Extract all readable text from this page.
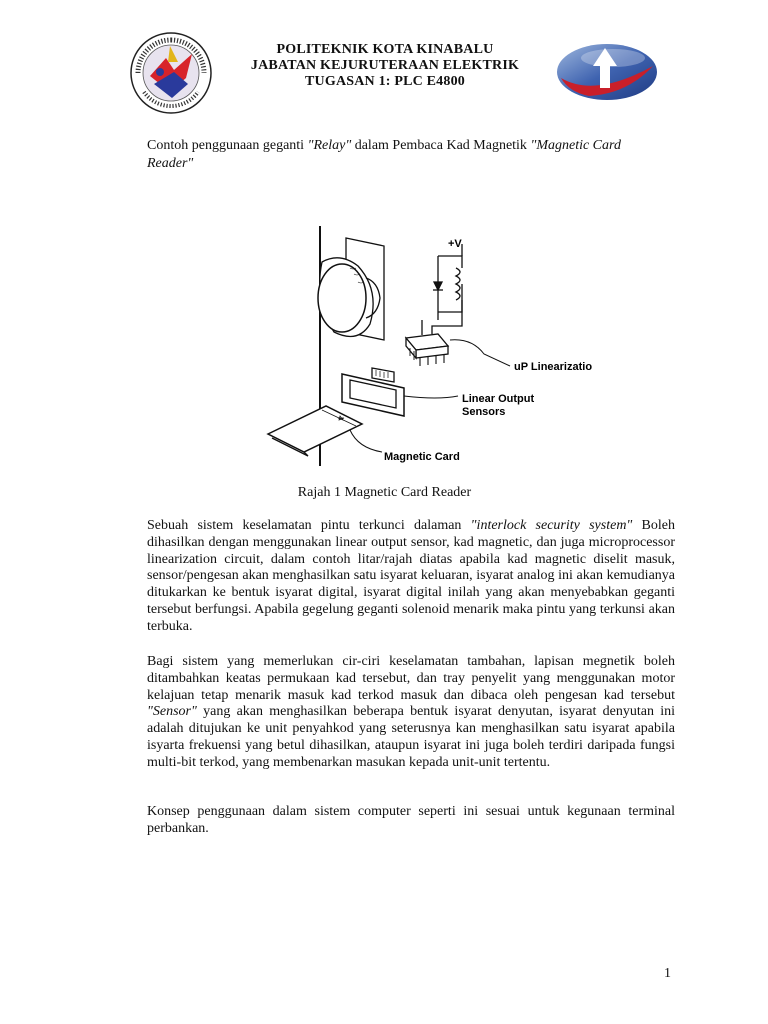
POLITEKNIK KOTA KINABALU
JABATAN KEJURUTERAAN ELEKTRIK
TUGASAN 1: PLC E4800
Contoh penggunaan geganti "Relay" dalam Pembaca Kad Magnetik "Magnetic Card Reader"
+V
uP Linearization
Linear Output
Sensors
Magnetic Card
Rajah 1 Magnetic Card Reader
Sebuah sistem keselamatan pintu terkunci dalaman "interlock security system" Boleh dihasilkan dengan menggunakan linear output sensor, kad magnetic, dan juga microprocessor linearization circuit, dalam contoh litar/rajah diatas apabila kad magnetic diselit masuk, sensor/pengesan akan menghasilkan satu isyarat keluaran, isyarat analog ini akan kemudianya ditukarkan ke bentuk isyarat digital, isyarat digital inilah yang akan menyebabkan geganti tersebut berfungsi. Apabila gegelung geganti solenoid menarik maka pintu yang terkunsi akan terbuka.
Bagi sistem yang memerlukan cir-ciri keselamatan tambahan, lapisan megnetik boleh ditambahkan keatas permukaan kad tersebut, dan tray penyelit yang menggunakan motor kelajuan tetap menarik masuk kad terkod masuk dan dibaca oleh pengesan kad tersebut "Sensor" yang akan menghasilkan beberapa bentuk isyarat denyutan, isyarat denyutan ini adalah ditujukan ke unit penyahkod yang seterusnya kan menghasilkan satu isyarat apabila isyarta frekuensi yang betul dihasilkan, ataupun isyarat ini juga boleh terdiri daripada fungsi multi-bit terkod, yang membenarkan masukan kepada unit-unit tertentu.
Konsep penggunaan dalam sistem computer seperti ini sesuai untuk kegunaan terminal perbankan.
1
